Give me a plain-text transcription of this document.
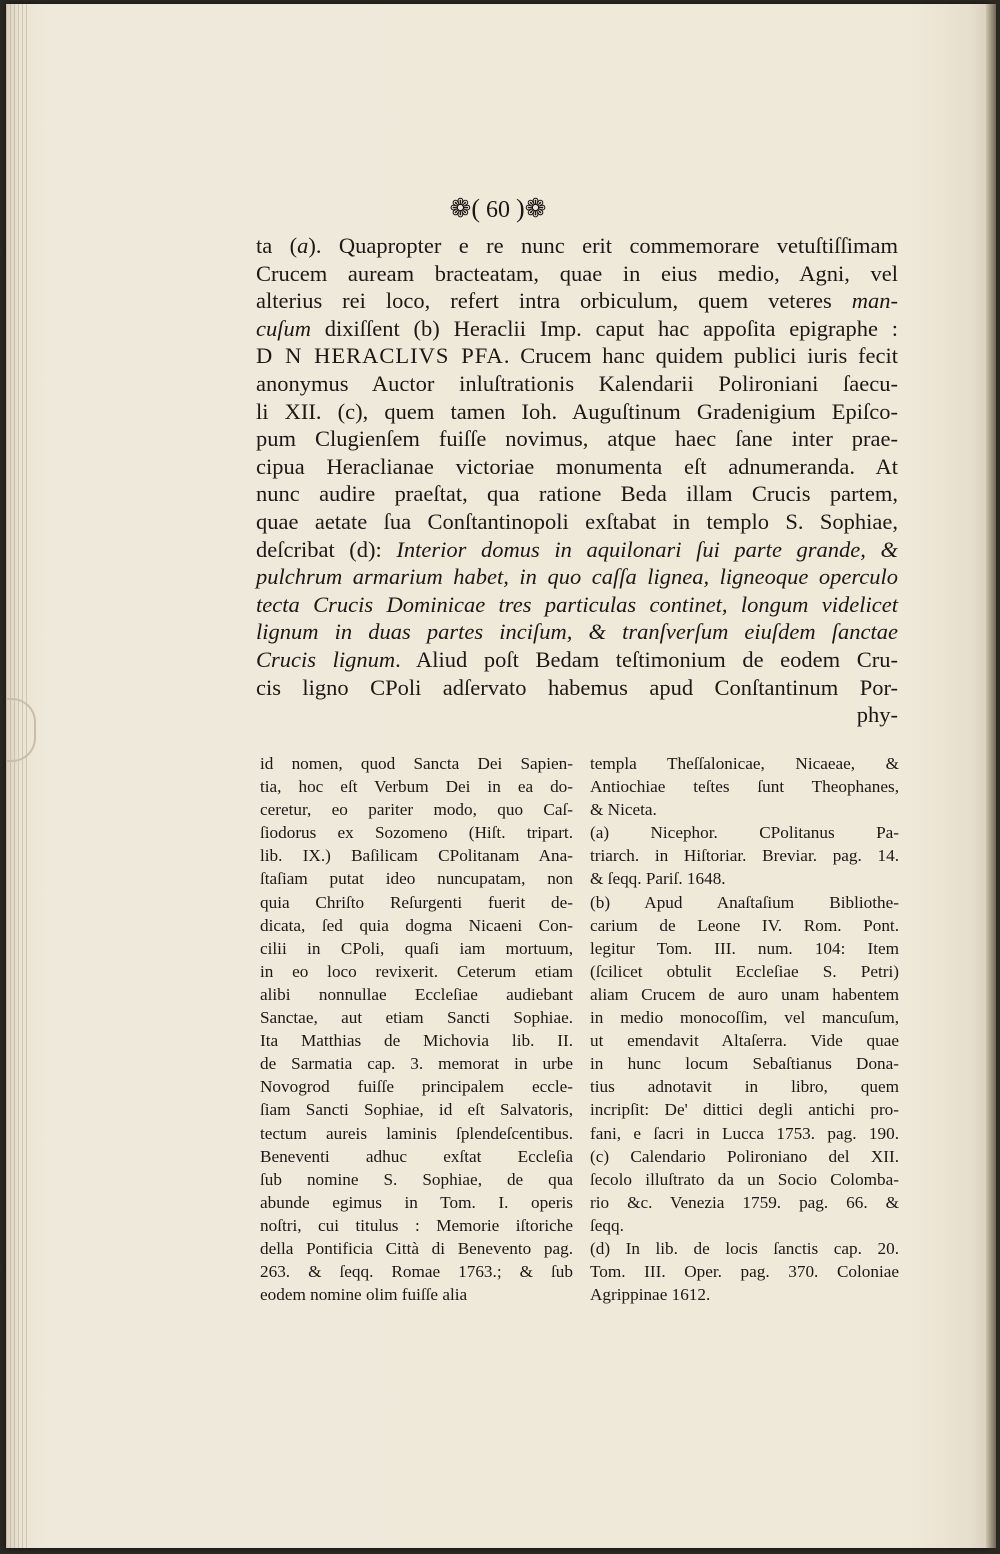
❁( 60 )❁
ta (a). Quapropter e re nunc erit commemorare vetuſtiſſimam
Crucem auream bractеatam, quae in eius medio, Agni, vel
alterius rei loco, refert intra orbiculum, quem veteres man-
cuſum dixiſſent (b) Heraclii Imp. caput hac appoſita epigraphe :
D N HERACLIVS PFA. Crucem hanc quidem publici iuris fecit
anonymus Auctor inluſtrationis Kalendarii Polironiani ſaecu-
li XII. (c), quem tamen Ioh. Auguſtinum Gradenigium Epiſco-
pum Clugienſem fuiſſe novimus, atque haec ſane inter prae-
cipua Heraclianae victoriae monumenta eſt adnumeranda. At
nunc audire praeſtat, qua ratione Beda illam Crucis partem,
quae aetate ſua Conſtantinopoli exſtabat in templo S. Sophiae,
deſcribat (d): Interior domus in aquilonari ſui parte grande, &
pulchrum armarium habet, in quo caſſa lignea, ligneoque operculo
tecta Crucis Dominicae tres particulas continet, longum videlicet
lignum in duas partes inciſum, & tranſverſum eiuſdem ſanctae
Crucis lignum. Aliud poſt Bedam teſtimonium de eodem Cru-
cis ligno CPoli adſervato habemus apud Conſtantinum Por-
phy-
id nomen, quod Sancta Dei Sapien-
tia, hoc eſt Verbum Dei in ea do-
ceretur, eo pariter modo, quo Caſ-
ſiodorus ex Sozomeno (Hiſt. tripart.
lib. IX.) Baſilicam CPolitanam Ana-
ſtaſiam putat ideo nuncupatam, non
quia Chriſto Reſurgenti fuerit de-
dicata, ſed quia dogma Nicaeni Con-
cilii in CPoli, quaſi iam mortuum,
in eo loco revixerit. Ceterum etiam
alibi nonnullae Eccleſiae audiebant
Sanctae, aut etiam Sancti Sophiae.
Ita Matthias de Michovia lib. II.
de Sarmatia cap. 3. memorat in urbe
Novogrod fuiſſe principalem eccle-
ſiam Sancti Sophiae, id eſt Salvatoris,
tectum aureis laminis ſplendeſcentibus.
Beneventi adhuc exſtat Eccleſia
ſub nomine S. Sophiae, de qua
abunde egimus in Tom. I. operis
noſtri, cui titulus : Memorie iſtoriche
della Pontificia Città di Benevento pag.
263. & ſeqq. Romae 1763.; & ſub
eodem nomine olim fuiſſe alia
templa Theſſalonicae, Nicaeae, &
Antiochiae teſtes ſunt Theophanes,
& Niceta.
(a) Nicephor. CPolitanus Pa-
triarch. in Hiſtoriar. Breviar. pag. 14.
& ſeqq. Pariſ. 1648.
(b) Apud Anaſtaſium Bibliothe-
carium de Leone IV. Rom. Pont.
legitur Tom. III. num. 104: Item
(ſcilicet obtulit Eccleſiae S. Petri)
aliam Crucem de auro unam habentem
in medio monocoſſim, vel mancuſum,
ut emendavit Altaſerra. Vide quae
in hunc locum Sebaſtianus Dona-
tius adnotavit in libro, quem
incripſit: De' dittici degli antichi pro-
fani, e ſacri in Lucca 1753. pag. 190.
(c) Calendario Polironiano del XII.
ſecolo illuſtrato da un Socio Colomba-
rio &c. Venezia 1759. pag. 66. &
ſeqq.
(d) In lib. de locis ſanctis cap. 20.
Tom. III. Oper. pag. 370. Coloniae
Agrippinae 1612.
